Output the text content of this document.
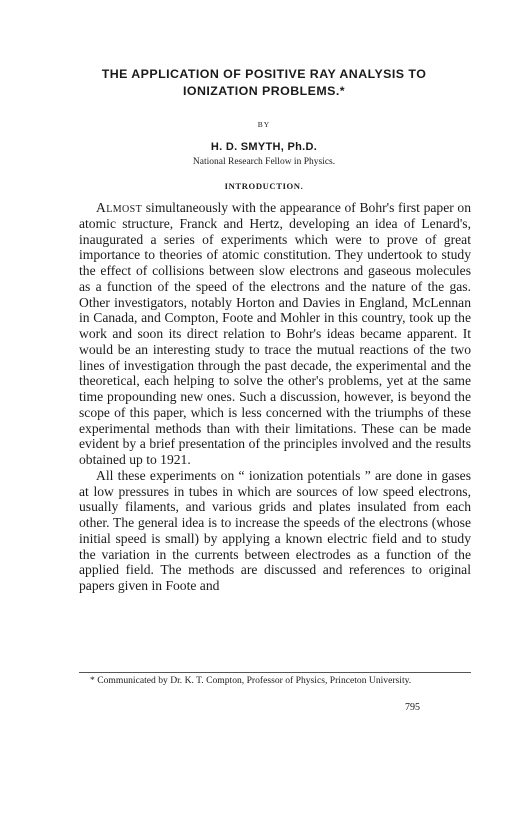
THE APPLICATION OF POSITIVE RAY ANALYSIS TO
IONIZATION PROBLEMS.*
BY
H. D. SMYTH, Ph.D.
National Research Fellow in Physics.
INTRODUCTION.

Almost simultaneously with the appearance of Bohr's first paper on atomic structure, Franck and Hertz, developing an idea of Lenard's, inaugurated a series of experiments which were to prove of great importance to theories of atomic constitution. They undertook to study the effect of collisions between slow electrons and gaseous molecules as a function of the speed of the electrons and the nature of the gas. Other investigators, notably Horton and Davies in England, McLennan in Canada, and Compton, Foote and Mohler in this country, took up the work and soon its direct relation to Bohr's ideas became apparent. It would be an interesting study to trace the mutual reactions of the two lines of investigation through the past decade, the experimental and the theoretical, each helping to solve the other's problems, yet at the same time propounding new ones. Such a discussion, however, is beyond the scope of this paper, which is less concerned with the triumphs of these experimental methods than with their limitations. These can be made evident by a brief presentation of the principles involved and the results obtained up to 1921.

All these experiments on “ ionization potentials ” are done in gases at low pressures in tubes in which are sources of low speed electrons, usually filaments, and various grids and plates insulated from each other. The general idea is to increase the speeds of the electrons (whose initial speed is small) by applying a known electric field and to study the variation in the currents between electrodes as a function of the applied field. The methods are discussed and references to original papers given in Foote and

* Communicated by Dr. K. T. Compton, Professor of Physics, Princeton University.

795
